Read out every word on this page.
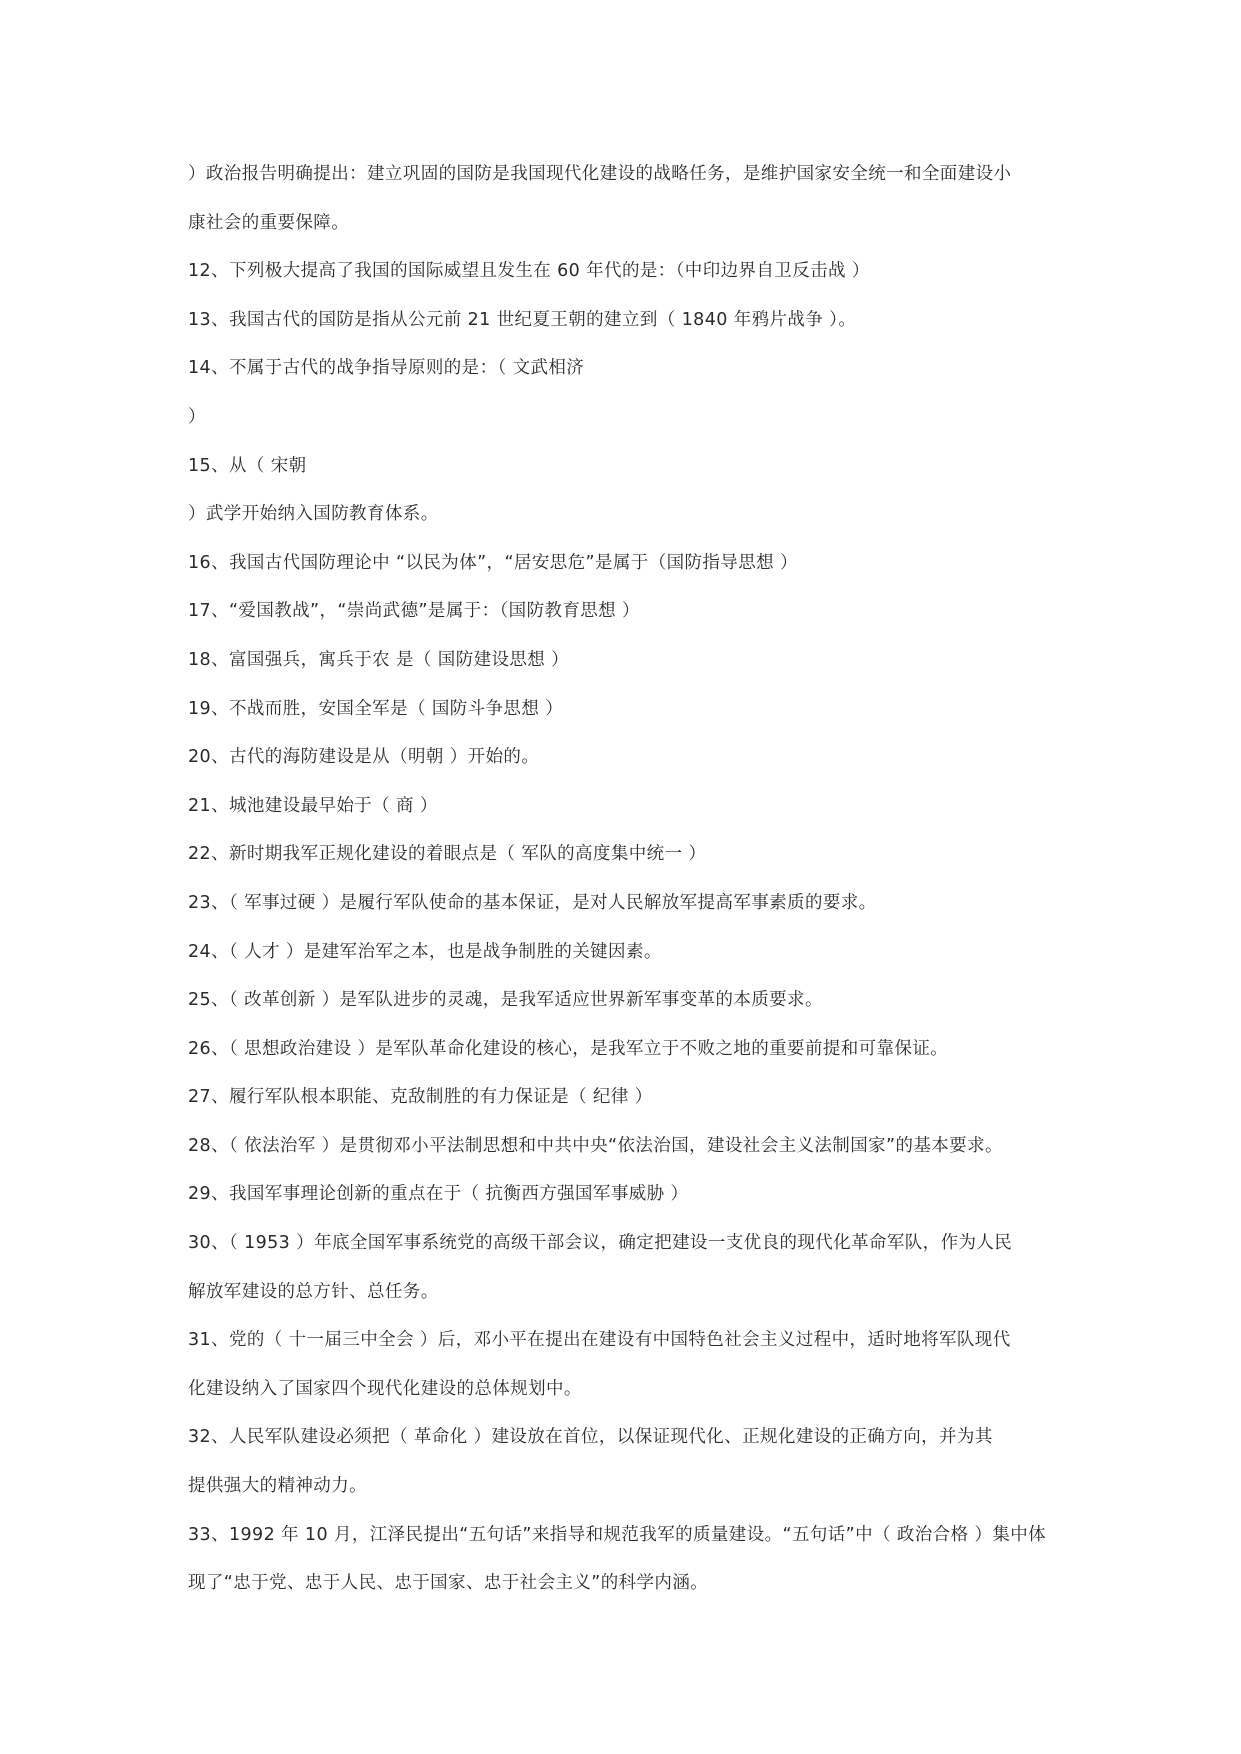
）政治报告明确提出：建立巩固的国防是我国现代化建设的战略任务，是维护国家安全统一和全面建设小
康社会的重要保障。
12、下列极大提高了我国的国际威望且发生在 60 年代的是：（中印边界自卫反击战 ）
13、我国古代的国防是指从公元前 21 世纪夏王朝的建立到（ 1840 年鸦片战争 ）。
14、不属于古代的战争指导原则的是：（ 文武相济
）
15、从（ 宋朝
）武学开始纳入国防教育体系。
16、我国古代国防理论中 “以民为体”，“居安思危”是属于（国防指导思想 ）
17、“爱国教战”，“崇尚武德”是属于：（国防教育思想 ）
18、富国强兵，寓兵于农 是（ 国防建设思想 ）
19、不战而胜，安国全军是（ 国防斗争思想 ）
20、古代的海防建设是从（明朝 ）开始的。
21、城池建设最早始于（ 商 ）
22、新时期我军正规化建设的着眼点是（ 军队的高度集中统一 ）
23、（ 军事过硬 ）是履行军队使命的基本保证，是对人民解放军提高军事素质的要求。
24、（ 人才 ）是建军治军之本，也是战争制胜的关键因素。
25、（ 改革创新 ）是军队进步的灵魂，是我军适应世界新军事变革的本质要求。
26、（ 思想政治建设 ）是军队革命化建设的核心，是我军立于不败之地的重要前提和可靠保证。
27、履行军队根本职能、克敌制胜的有力保证是（ 纪律 ）
28、（ 依法治军 ）是贯彻邓小平法制思想和中共中央“依法治国，建设社会主义法制国家”的基本要求。
29、我国军事理论创新的重点在于（ 抗衡西方强国军事威胁 ）
30、（ 1953 ）年底全国军事系统党的高级干部会议，确定把建设一支优良的现代化革命军队，作为人民
解放军建设的总方针、总任务。
31、党的（ 十一届三中全会 ）后，邓小平在提出在建设有中国特色社会主义过程中，适时地将军队现代
化建设纳入了国家四个现代化建设的总体规划中。
32、人民军队建设必须把（ 革命化 ）建设放在首位，以保证现代化、正规化建设的正确方向，并为其
提供强大的精神动力。
33、1992 年 10 月，江泽民提出“五句话”来指导和规范我军的质量建设。“五句话”中（ 政治合格 ）集中体
现了“忠于党、忠于人民、忠于国家、忠于社会主义”的科学内涵。
